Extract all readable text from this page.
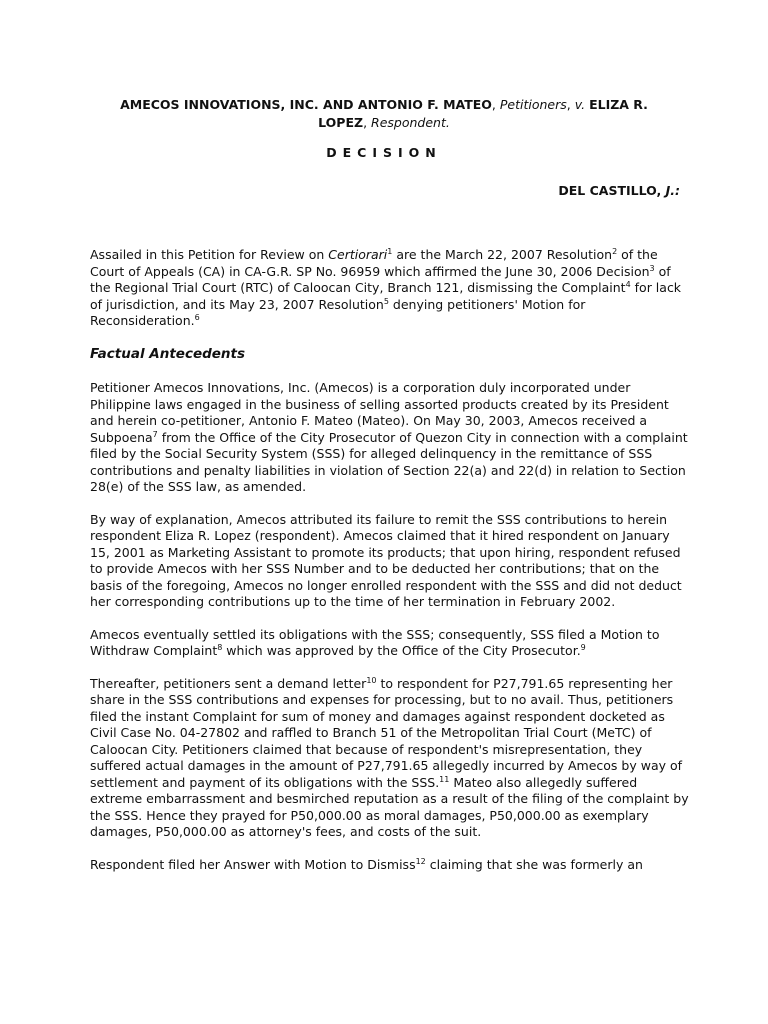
AMECOS INNOVATIONS, INC. AND ANTONIO F. MATEO, Petitioners, v. ELIZA R.
LOPEZ, Respondent.
DECISION
DEL CASTILLO, J.:

Assailed in this Petition for Review on Certiorari$^1$ are the March 22, 2007 Resolution$^2$ of the Court of Appeals (CA) in CA-G.R. SP No. 96959 which affirmed the June 30, 2006 Decision$^3$ of the Regional Trial Court (RTC) of Caloocan City, Branch 121, dismissing the Complaint$^4$ for lack of jurisdiction, and its May 23, 2007 Resolution$^5$ denying petitioners' Motion for Reconsideration.$^6$

Factual Antecedents

Petitioner Amecos Innovations, Inc. (Amecos) is a corporation duly incorporated under Philippine laws engaged in the business of selling assorted products created by its President and herein co-petitioner, Antonio F. Mateo (Mateo). On May 30, 2003, Amecos received a Subpoena$^7$ from the Office of the City Prosecutor of Quezon City in connection with a complaint filed by the Social Security System (SSS) for alleged delinquency in the remittance of SSS contributions and penalty liabilities in violation of Section 22(a) and 22(d) in relation to Section 28(e) of the SSS law, as amended.

By way of explanation, Amecos attributed its failure to remit the SSS contributions to herein respondent Eliza R. Lopez (respondent). Amecos claimed that it hired respondent on January 15, 2001 as Marketing Assistant to promote its products; that upon hiring, respondent refused to provide Amecos with her SSS Number and to be deducted her contributions; that on the basis of the foregoing, Amecos no longer enrolled respondent with the SSS and did not deduct her corresponding contributions up to the time of her termination in February 2002.

Amecos eventually settled its obligations with the SSS; consequently, SSS filed a Motion to Withdraw Complaint$^8$ which was approved by the Office of the City Prosecutor.$^9$

Thereafter, petitioners sent a demand letter$^{10}$ to respondent for P27,791.65 representing her share in the SSS contributions and expenses for processing, but to no avail. Thus, petitioners filed the instant Complaint for sum of money and damages against respondent docketed as Civil Case No. 04-27802 and raffled to Branch 51 of the Metropolitan Trial Court (MeTC) of Caloocan City. Petitioners claimed that because of respondent's misrepresentation, they suffered actual damages in the amount of P27,791.65 allegedly incurred by Amecos by way of settlement and payment of its obligations with the SSS.$^{11}$ Mateo also allegedly suffered extreme embarrassment and besmirched reputation as a result of the filing of the complaint by the SSS. Hence they prayed for P50,000.00 as moral damages, P50,000.00 as exemplary damages, P50,000.00 as attorney's fees, and costs of the suit.

Respondent filed her Answer with Motion to Dismiss$^{12}$ claiming that she was formerly an
